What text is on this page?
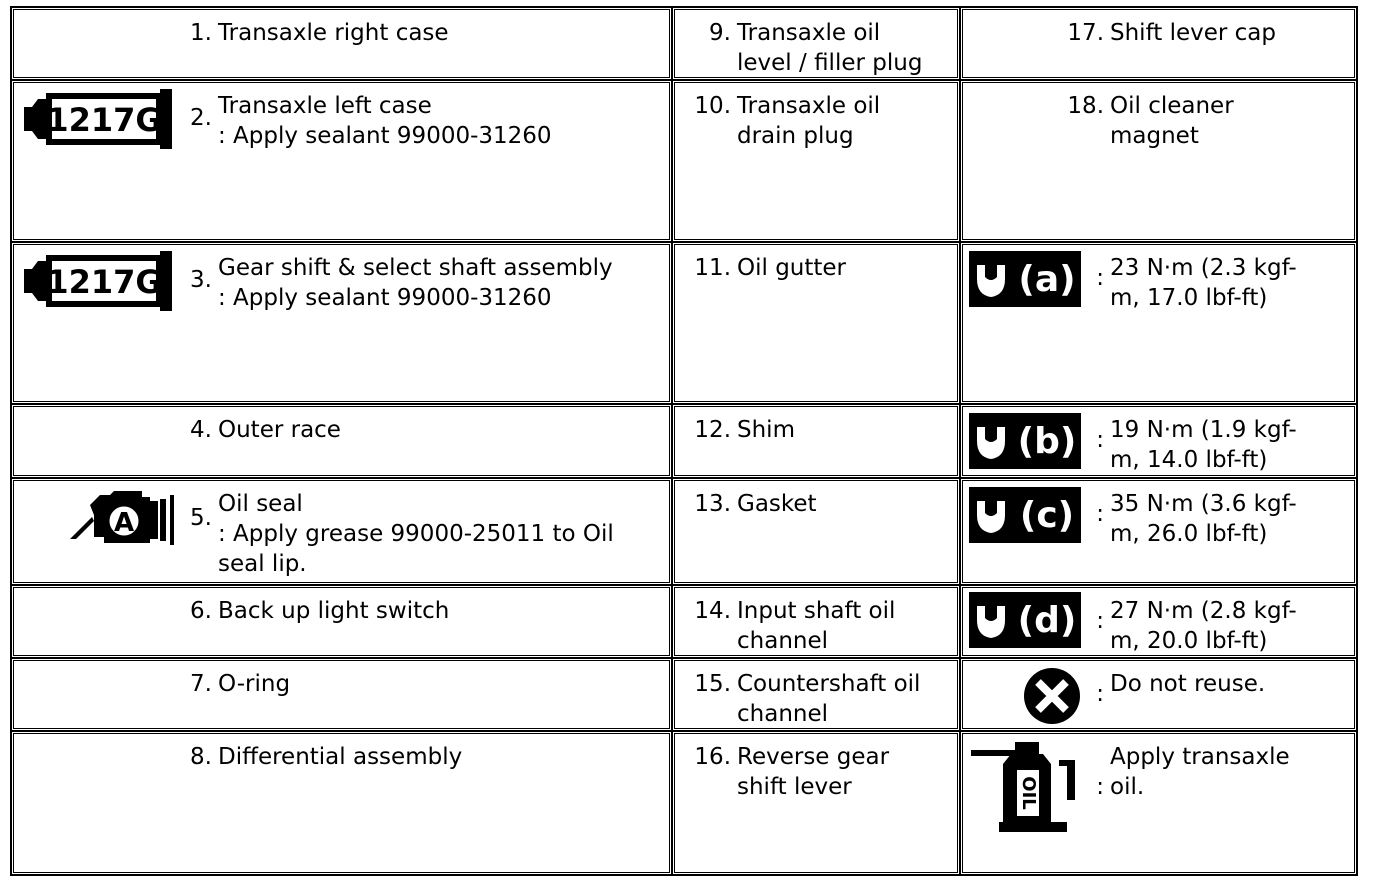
1. Transaxle right case	9. Transaxle oil
level / filler plug	17. Shift lever cap

1217G 2. Transaxle left case
: Apply sealant 99000-31260	10. Transaxle oil
drain plug	18. Oil cleaner
magnet

1217G 3. Gear shift & select shaft assembly
: Apply sealant 99000-31260	11. Oil gutter	(a) : 23 N·m (2.3 kgf-
m, 17.0 lbf-ft)

4. Outer race	12. Shim	(b) : 19 N·m (1.9 kgf-
m, 14.0 lbf-ft)

A 5.
Oil seal
: Apply grease 99000-25011 to Oil
seal lip.	13. Gasket	(c) : 35 N·m (3.6 kgf-
m, 26.0 lbf-ft)

6. Back up light switch	14. Input shaft oil
channel	(d) : 27 N·m (2.8 kgf-
m, 20.0 lbf-ft)

7. O-ring	15. Countershaft oil
channel	: Do not reuse.

8. Differential assembly	16. Reverse gear
shift lever	OIL :
Apply transaxle
oil.
